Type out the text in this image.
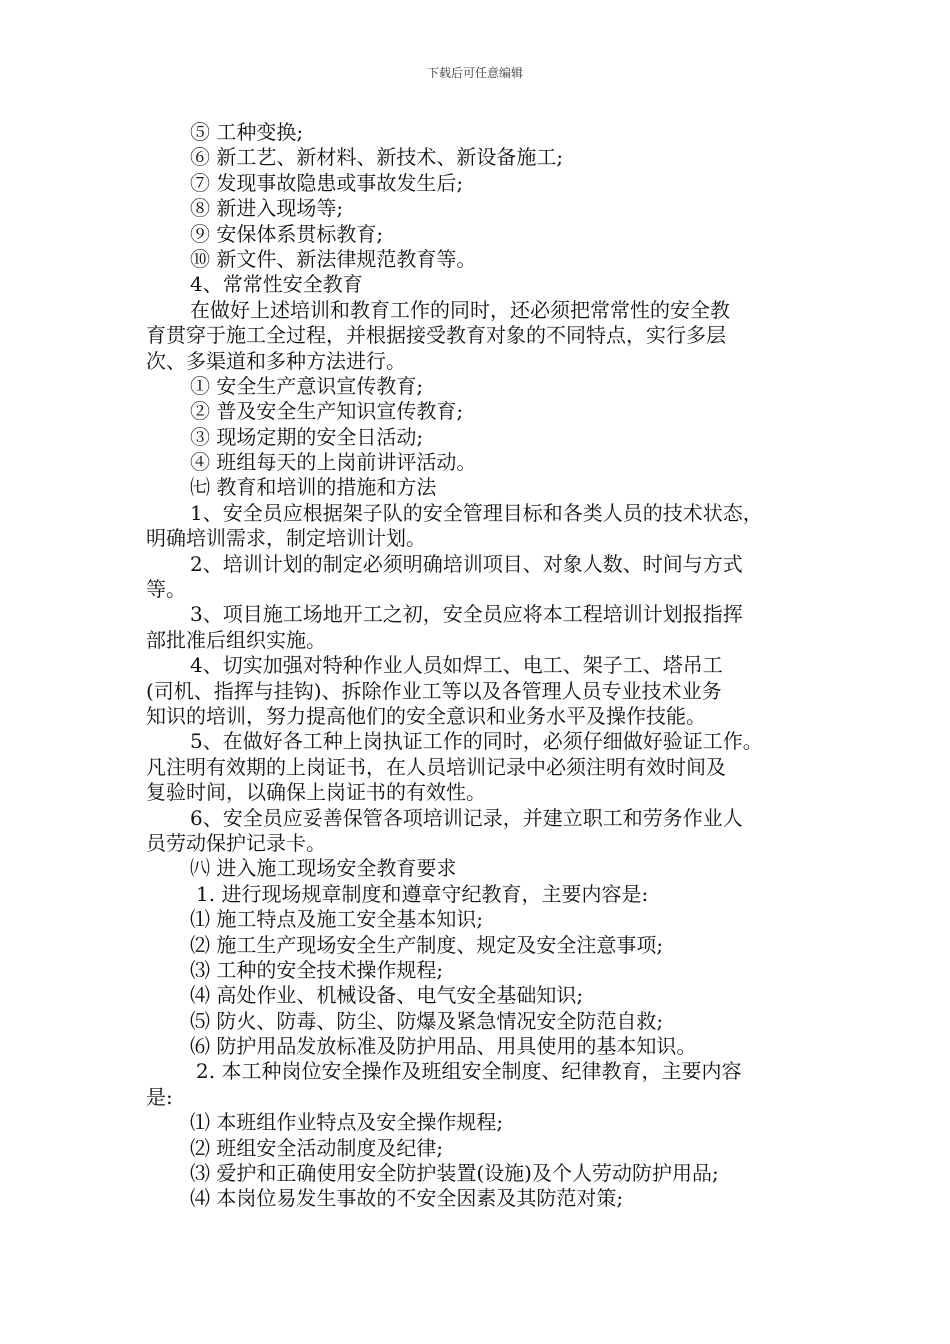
下载后可任意编辑
⑤ 工种变换;
⑥ 新工艺、新材料、新技术、新设备施工;
⑦ 发现事故隐患或事故发生后;
⑧ 新进入现场等;
⑨ 安保体系贯标教育;
⑩ 新文件、新法律规范教育等。
4、常常性安全教育
在做好上述培训和教育工作的同时，还必须把常常性的安全教
育贯穿于施工全过程，并根据接受教育对象的不同特点，实行多层
次、多渠道和多种方法进行。
① 安全生产意识宣传教育;
② 普及安全生产知识宣传教育;
③ 现场定期的安全日活动;
④ 班组每天的上岗前讲评活动。
㈦ 教育和培训的措施和方法
1、安全员应根据架子队的安全管理目标和各类人员的技术状态，
明确培训需求，制定培训计划。
2、培训计划的制定必须明确培训项目、对象人数、时间与方式
等。
3、项目施工场地开工之初，安全员应将本工程培训计划报指挥
部批准后组织实施。
4、切实加强对特种作业人员如焊工、电工、架子工、塔吊工
(司机、指挥与挂钩)、拆除作业工等以及各管理人员专业技术业务
知识的培训，努力提高他们的安全意识和业务水平及操作技能。
5、在做好各工种上岗执证工作的同时，必须仔细做好验证工作。
凡注明有效期的上岗证书，在人员培训记录中必须注明有效时间及
复验时间，以确保上岗证书的有效性。
6、安全员应妥善保管各项培训记录，并建立职工和劳务作业人
员劳动保护记录卡。
㈧ 进入施工现场安全教育要求
1. 进行现场规章制度和遵章守纪教育，主要内容是:
⑴ 施工特点及施工安全基本知识;
⑵ 施工生产现场安全生产制度、规定及安全注意事项;
⑶ 工种的安全技术操作规程;
⑷ 高处作业、机械设备、电气安全基础知识;
⑸ 防火、防毒、防尘、防爆及紧急情况安全防范自救;
⑹ 防护用品发放标准及防护用品、用具使用的基本知识。
2. 本工种岗位安全操作及班组安全制度、纪律教育，主要内容
是:
⑴ 本班组作业特点及安全操作规程;
⑵ 班组安全活动制度及纪律;
⑶ 爱护和正确使用安全防护装置(设施)及个人劳动防护用品;
⑷ 本岗位易发生事故的不安全因素及其防范对策;
